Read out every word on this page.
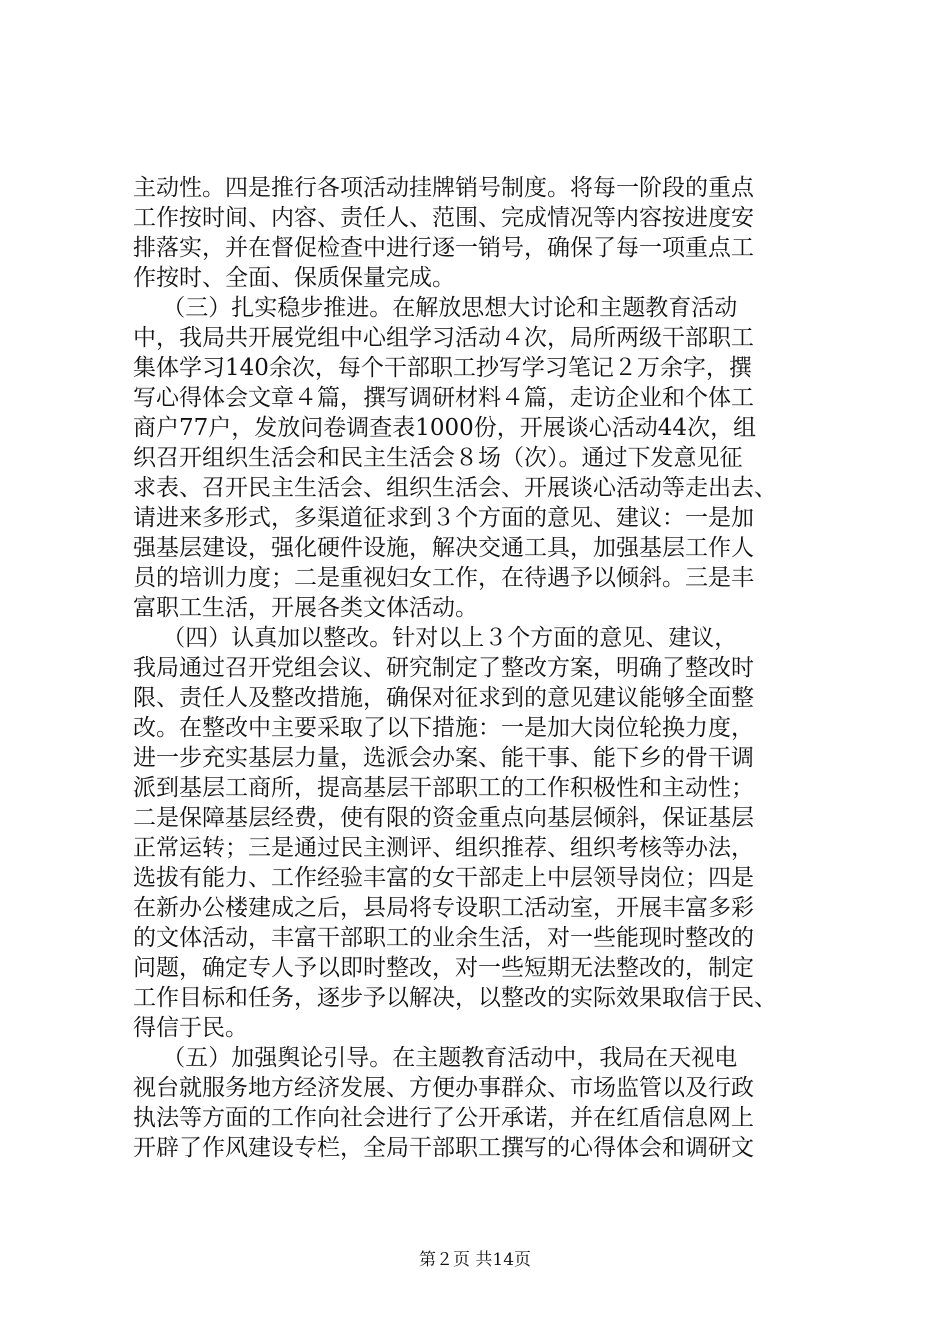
主动性。四是推行各项活动挂牌销号制度。将每一阶段的重点
工作按时间、内容、责任人、范围、完成情况等内容按进度安
排落实，并在督促检查中进行逐一销号，确保了每一项重点工
作按时、全面、保质保量完成。

（三）扎实稳步推进。在解放思想大讨论和主题教育活动
中，我局共开展党组中心组学习活动４次，局所两级干部职工
集体学习140余次，每个干部职工抄写学习笔记２万余字，撰
写心得体会文章４篇，撰写调研材料４篇，走访企业和个体工
商户77户，发放问卷调查表1000份，开展谈心活动44次，组
织召开组织生活会和民主生活会８场（次）。通过下发意见征
求表、召开民主生活会、组织生活会、开展谈心活动等走出去、
请进来多形式，多渠道征求到３个方面的意见、建议：一是加
强基层建设，强化硬件设施，解决交通工具，加强基层工作人
员的培训力度；二是重视妇女工作，在待遇予以倾斜。三是丰
富职工生活，开展各类文体活动。

（四）认真加以整改。针对以上３个方面的意见、建议，
我局通过召开党组会议、研究制定了整改方案，明确了整改时
限、责任人及整改措施，确保对征求到的意见建议能够全面整
改。在整改中主要采取了以下措施：一是加大岗位轮换力度，
进一步充实基层力量，选派会办案、能干事、能下乡的骨干调
派到基层工商所，提高基层干部职工的工作积极性和主动性；
二是保障基层经费，使有限的资金重点向基层倾斜，保证基层
正常运转；三是通过民主测评、组织推荐、组织考核等办法，
选拔有能力、工作经验丰富的女干部走上中层领导岗位；四是
在新办公楼建成之后，县局将专设职工活动室，开展丰富多彩
的文体活动，丰富干部职工的业余生活，对一些能现时整改的
问题，确定专人予以即时整改，对一些短期无法整改的，制定
工作目标和任务，逐步予以解决，以整改的实际效果取信于民、
得信于民。

（五）加强舆论引导。在主题教育活动中，我局在天视电
视台就服务地方经济发展、方便办事群众、市场监管以及行政
执法等方面的工作向社会进行了公开承诺，并在红盾信息网上
开辟了作风建设专栏，全局干部职工撰写的心得体会和调研文

第２页 共14页
